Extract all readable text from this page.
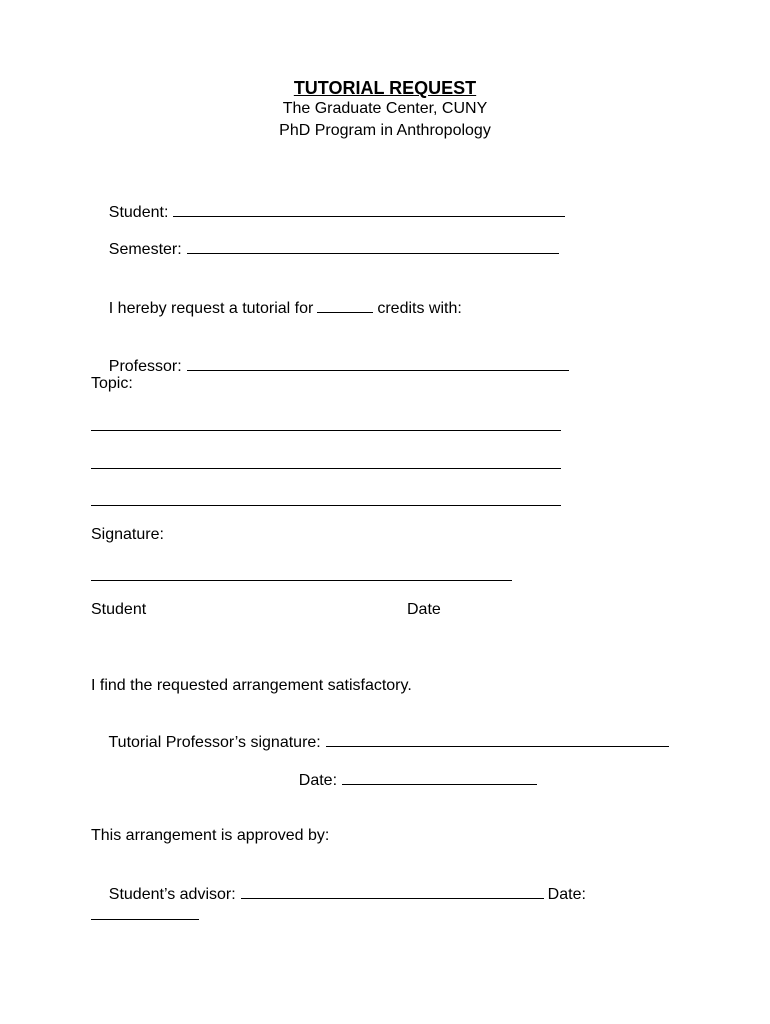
TUTORIAL REQUEST
The Graduate Center, CUNY
PhD Program in Anthropology

Student:

Semester:

I hereby request a tutorial for	credits with:

Professor:

Topic:
Signature:
Student	Date
I find the requested arrangement satisfactory.

Tutorial Professor’s signature:

Date:

This arrangement is approved by:

Student’s advisor:	Date:
